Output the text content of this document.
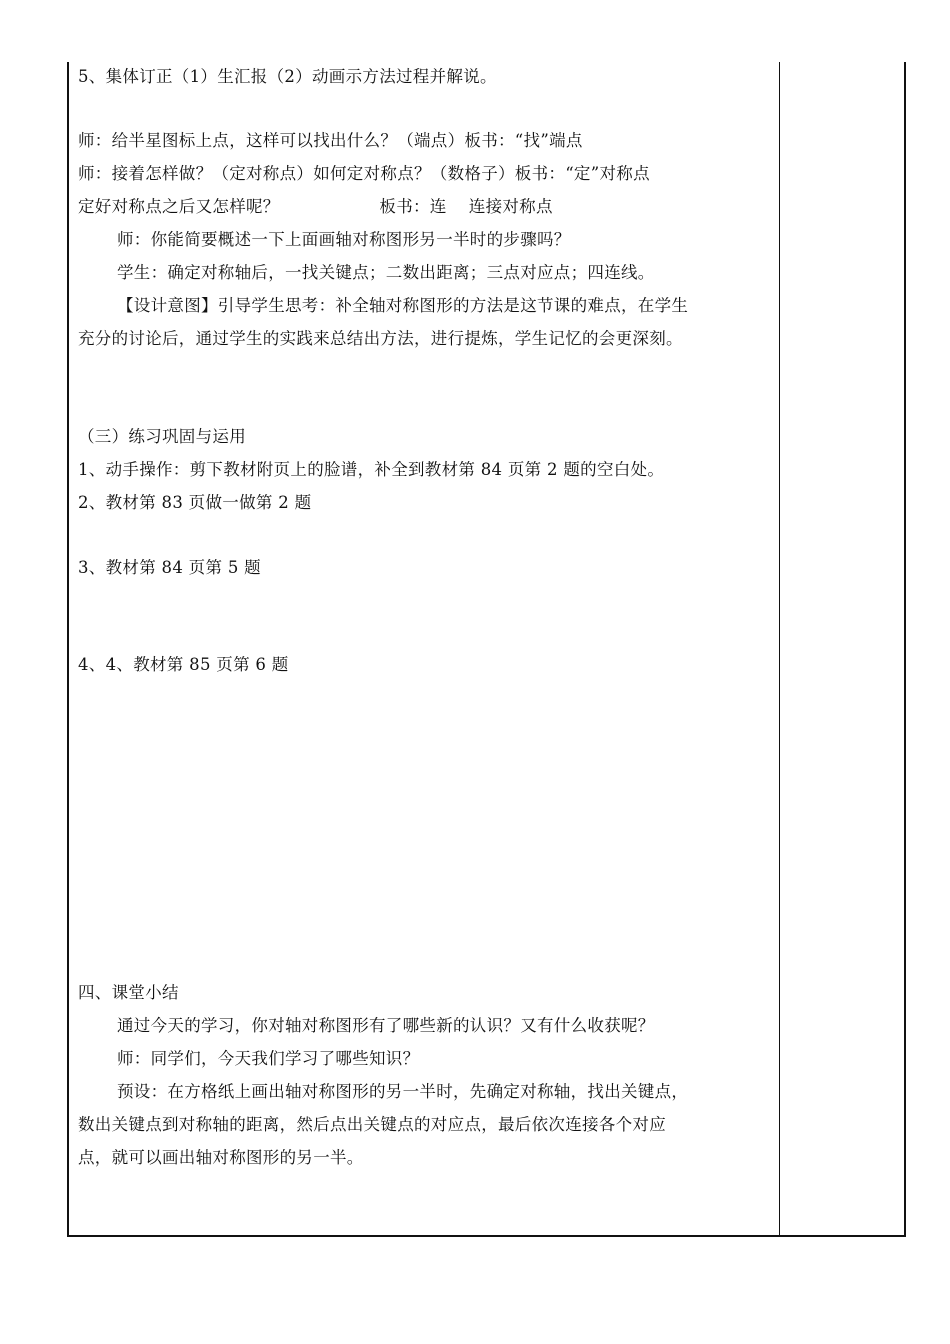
5、集体订正（1）生汇报（2）动画示方法过程并解说。
师：给半星图标上点，这样可以找出什么？（端点）板书：“找”端点
师：接着怎样做？（定对称点）如何定对称点？（数格子）板书：“定”对称点
定好对称点之后又怎样呢？                  板书：连    连接对称点
师：你能简要概述一下上面画轴对称图形另一半时的步骤吗？
学生：确定对称轴后，一找关键点；二数出距离；三点对应点；四连线。
【设计意图】引导学生思考：补全轴对称图形的方法是这节课的难点，在学生
充分的讨论后，通过学生的实践来总结出方法，进行提炼，学生记忆的会更深刻。
（三）练习巩固与运用
1、动手操作：剪下教材附页上的脸谱，补全到教材第 84 页第 2 题的空白处。
2、教材第 83 页做一做第 2 题
3、教材第 84 页第 5 题
4、4、教材第 85 页第 6 题
四、课堂小结
通过今天的学习，你对轴对称图形有了哪些新的认识？又有什么收获呢？
师：同学们，今天我们学习了哪些知识？
预设：在方格纸上画出轴对称图形的另一半时，先确定对称轴，找出关键点，
数出关键点到对称轴的距离，然后点出关键点的对应点，最后依次连接各个对应
点，就可以画出轴对称图形的另一半。
